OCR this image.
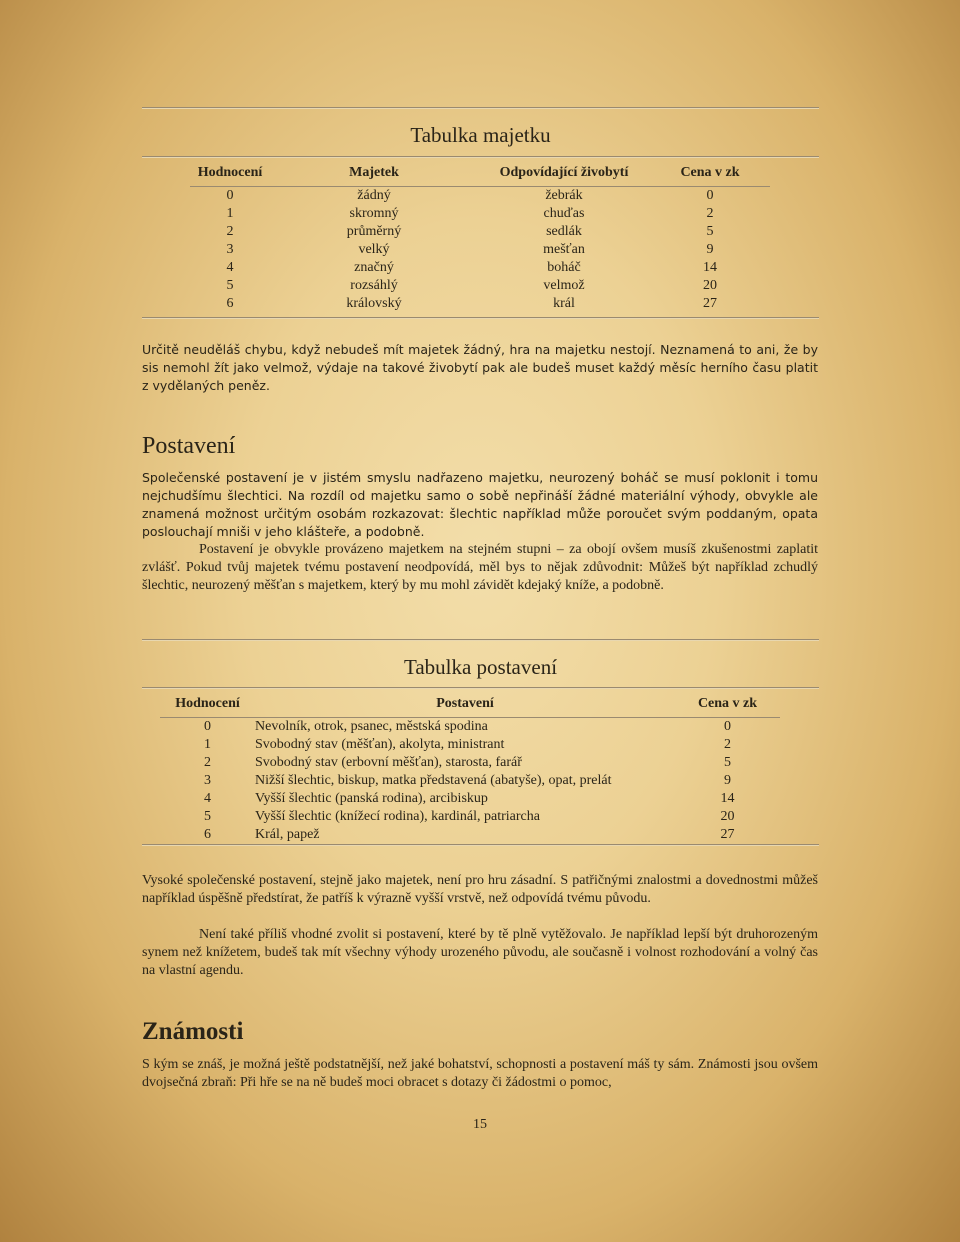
Tabulka majetku
Hodnocení	Majetek	Odpovídající živobytí	Cena v zk
0	žádný	žebrák	0
1	skromný	chuďas	2
2	průměrný	sedlák	5
3	velký	mešťan	9
4	značný	boháč	14
5	rozsáhlý	velmož	20
6	královský	král	27

Určitě neuděláš chybu, když nebudeš mít majetek žádný, hra na majetku nestojí. Neznamená to ani, že by sis nemohl žít jako velmož, výdaje na takové živobytí pak ale budeš muset každý měsíc herního času platit z vydělaných peněz.

Postavení

Společenské postavení je v jistém smyslu nadřazeno majetku, neurozený boháč se musí poklonit i tomu nejchudšímu šlechtici. Na rozdíl od majetku samo o sobě nepřináší žádné materiální výhody, obvykle ale znamená možnost určitým osobám rozkazovat: šlechtic například může poroučet svým poddaným, opata poslouchají mniši v jeho klášteře, a podobně.

Postavení je obvykle provázeno majetkem na stejném stupni – za obojí ovšem musíš zkušenostmi zaplatit zvlášť. Pokud tvůj majetek tvému postavení neodpovídá, měl bys to nějak zdůvodnit: Můžeš být například zchudlý šlechtic, neurozený měšťan s majetkem, který by mu mohl závidět kdejaký kníže, a podobně.

Tabulka postavení
Hodnocení	Postavení	Cena v zk
0	Nevolník, otrok, psanec, městská spodina	0
1	Svobodný stav (měšťan), akolyta, ministrant	2
2	Svobodný stav (erbovní měšťan), starosta, farář	5
3	Nižší šlechtic, biskup, matka představená (abatyše), opat, prelát	9
4	Vyšší šlechtic (panská rodina), arcibiskup	14
5	Vyšší šlechtic (knížecí rodina), kardinál, patriarcha	20
6	Král, papež	27

Vysoké společenské postavení, stejně jako majetek, není pro hru zásadní. S patřičnými znalostmi a dovednostmi můžeš například úspěšně předstírat, že patříš k výrazně vyšší vrstvě, než odpovídá tvému původu.

Není také příliš vhodné zvolit si postavení, které by tě plně vytěžovalo. Je například lepší být druhorozeným synem než knížetem, budeš tak mít všechny výhody urozeného původu, ale současně i volnost rozhodování a volný čas na vlastní agendu.

Známosti

S kým se znáš, je možná ještě podstatnější, než jaké bohatství, schopnosti a postavení máš ty sám. Známosti jsou ovšem dvojsečná zbraň: Při hře se na ně budeš moci obracet s dotazy či žádostmi o pomoc,

15
